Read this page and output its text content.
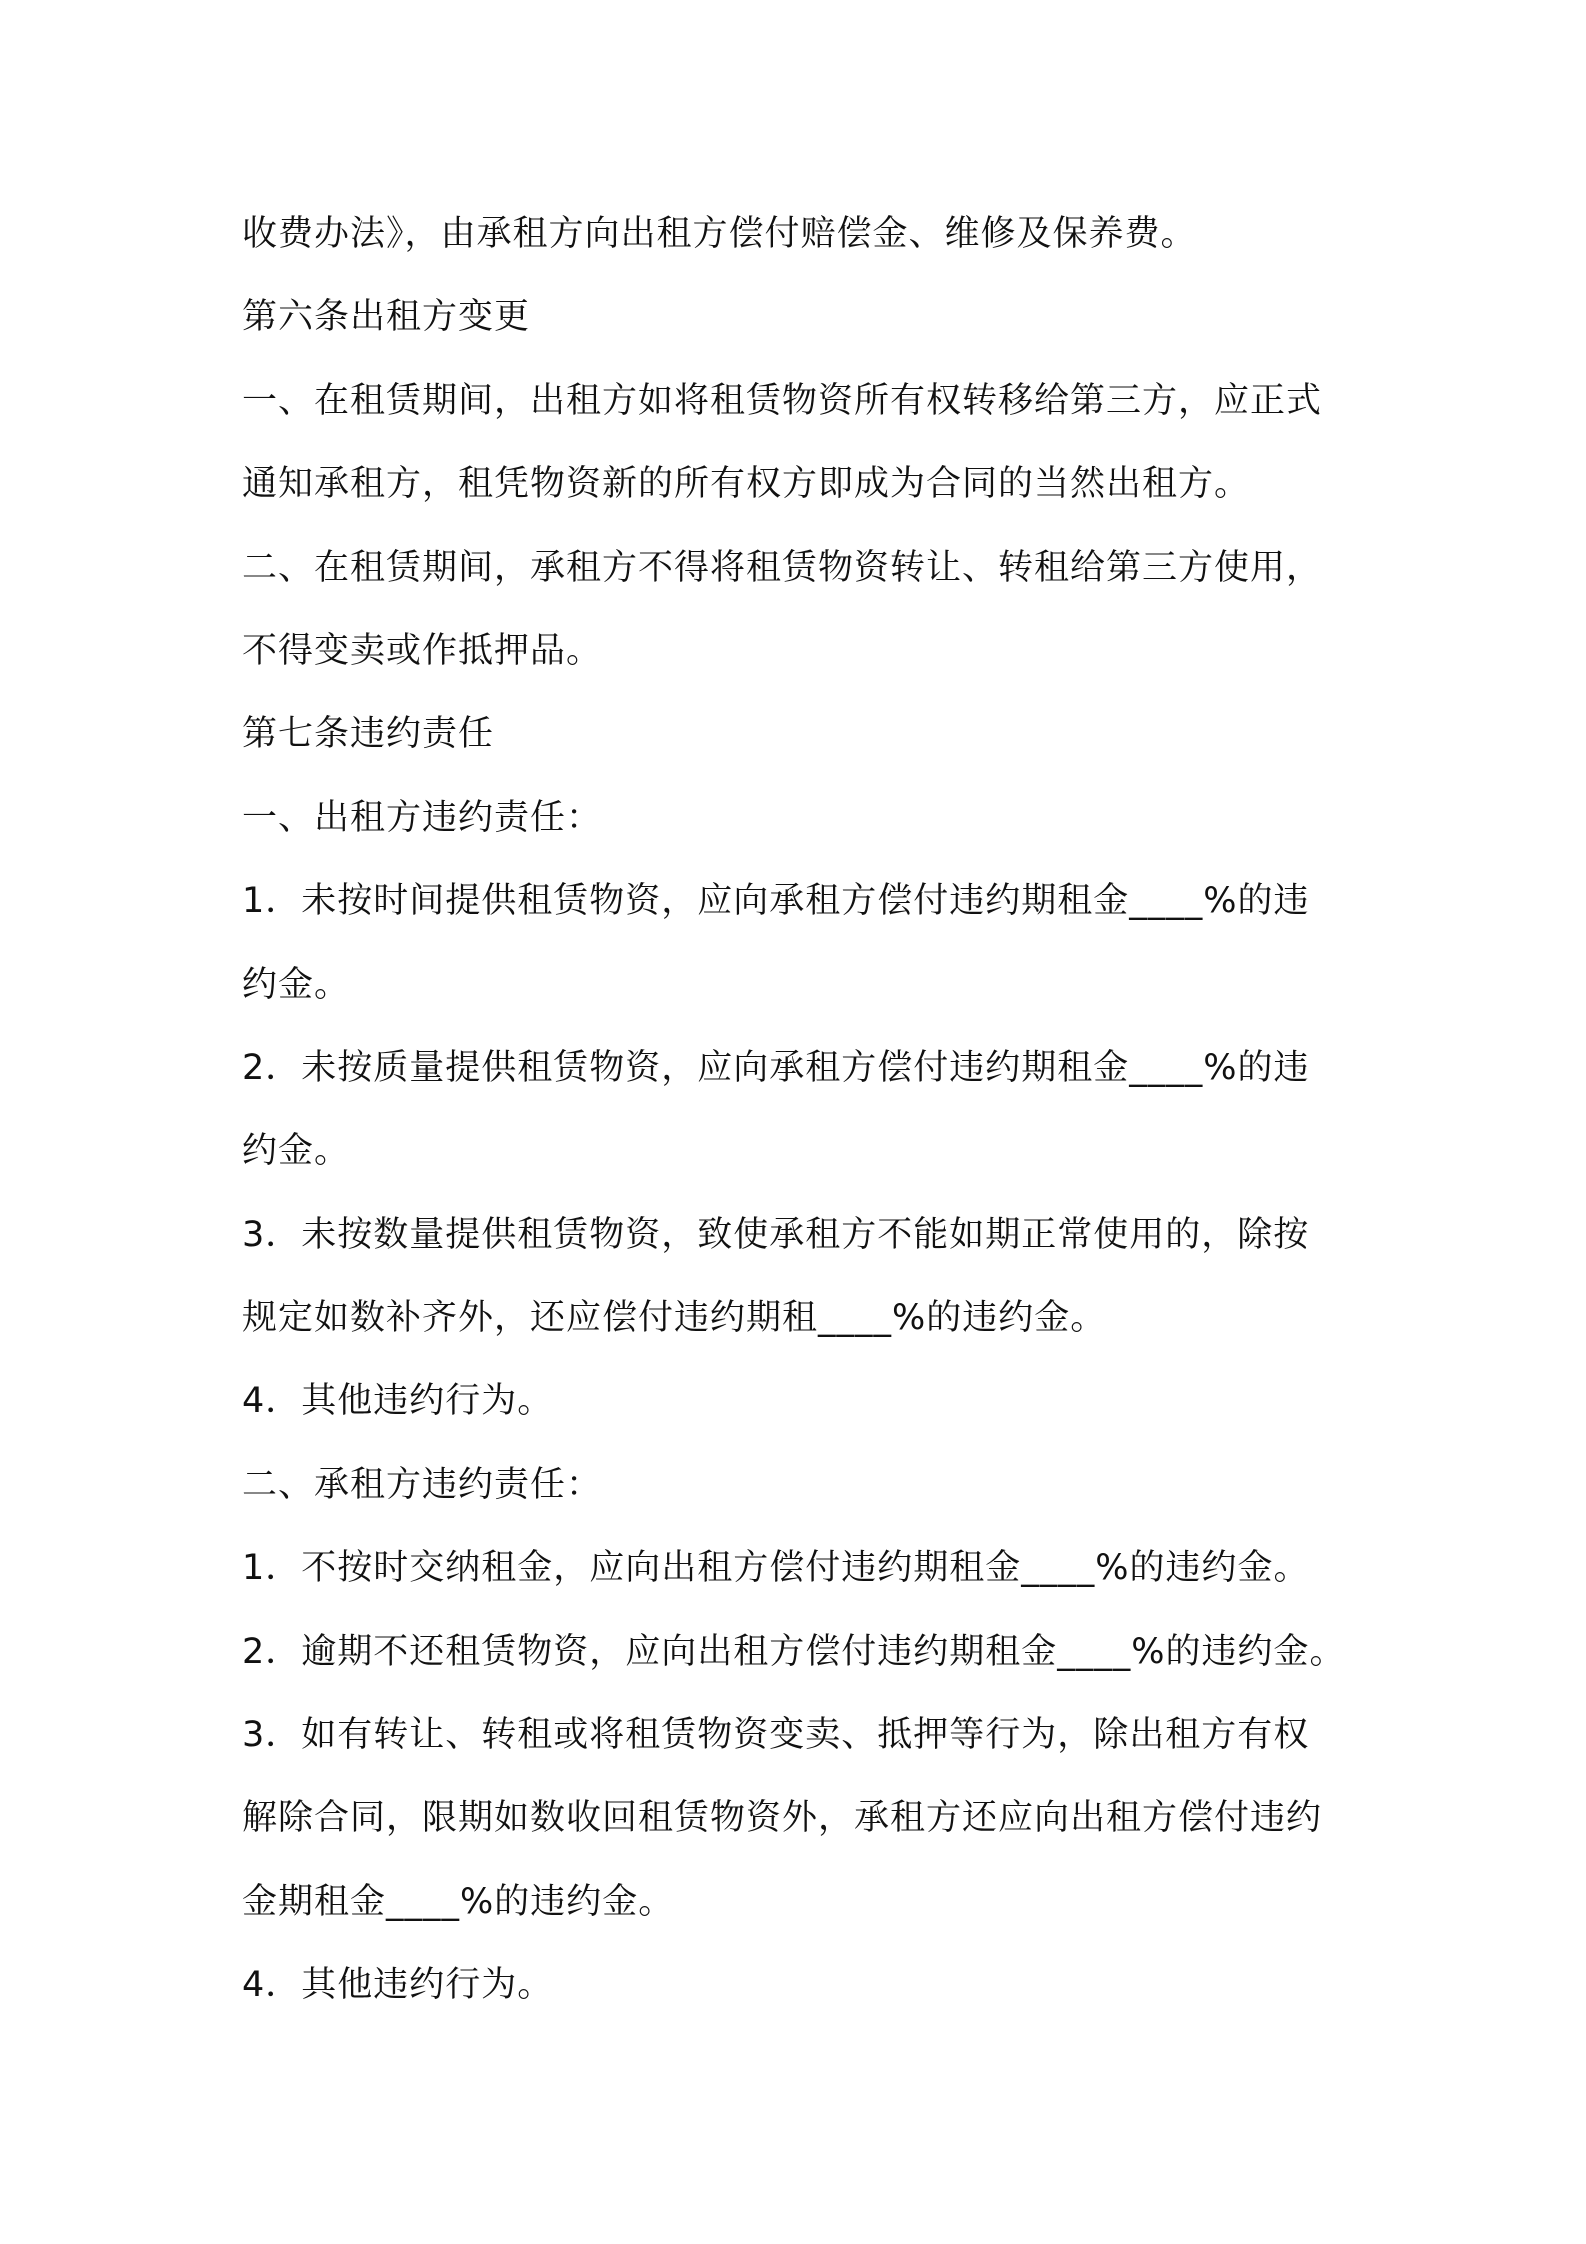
收费办法》，由承租方向出租方偿付赔偿金、维修及保养费。
第六条出租方变更
一、在租赁期间，出租方如将租赁物资所有权转移给第三方，应正式
通知承租方，租凭物资新的所有权方即成为合同的当然出租方。
二、在租赁期间，承租方不得将租赁物资转让、转租给第三方使用，
不得变卖或作抵押品。
第七条违约责任
一、出租方违约责任：
1．未按时间提供租赁物资，应向承租方偿付违约期租金____%的违
约金。
2．未按质量提供租赁物资，应向承租方偿付违约期租金____%的违
约金。
3．未按数量提供租赁物资，致使承租方不能如期正常使用的，除按
规定如数补齐外，还应偿付违约期租____%的违约金。
4．其他违约行为。
二、承租方违约责任：
1．不按时交纳租金，应向出租方偿付违约期租金____%的违约金。
2．逾期不还租赁物资，应向出租方偿付违约期租金____%的违约金。
3．如有转让、转租或将租赁物资变卖、抵押等行为，除出租方有权
解除合同，限期如数收回租赁物资外，承租方还应向出租方偿付违约
金期租金____%的违约金。
4．其他违约行为。
